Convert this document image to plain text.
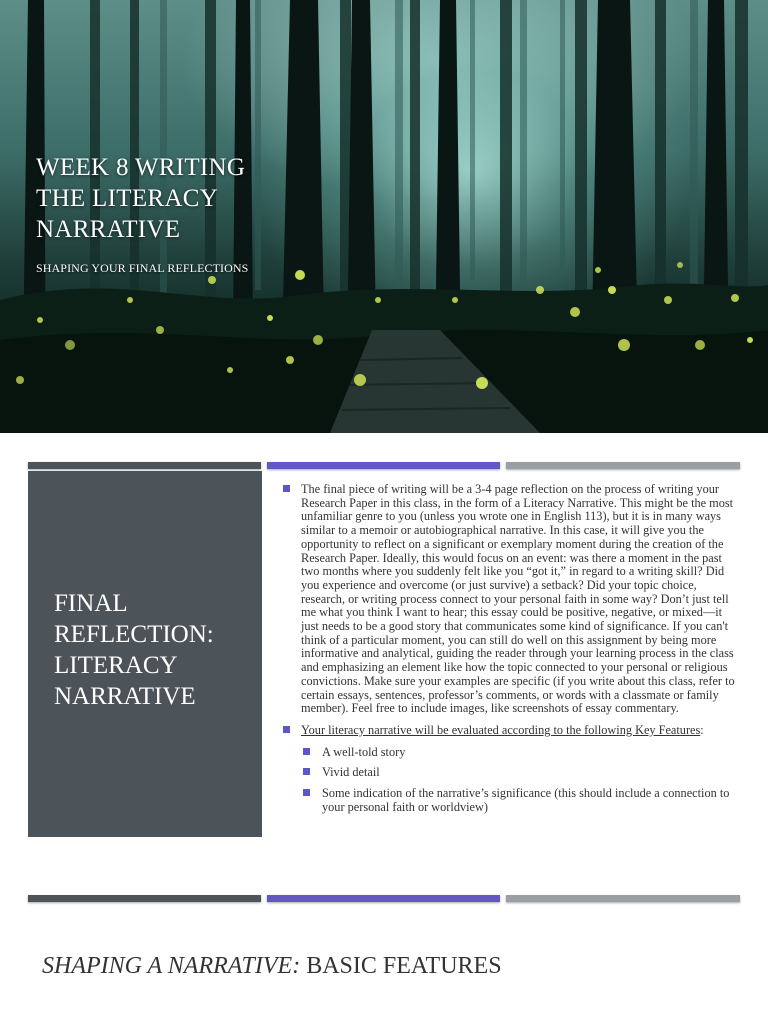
WEEK 8 WRITING
THE LITERACY
NARRATIVE
SHAPING YOUR FINAL REFLECTIONS
FINAL
REFLECTION:
LITERACY
NARRATIVE
The final piece of writing will be a 3-4 page reflection on the process of writing your Research Paper in this class, in the form of a Literacy Narrative. This might be the most unfamiliar genre to you (unless you wrote one in English 113), but it is in many ways similar to a memoir or autobiographical narrative. In this case, it will give you the opportunity to reflect on a significant or exemplary moment during the creation of the Research Paper. Ideally, this would focus on an event: was there a moment in the past two months where you suddenly felt like you “got it,” in regard to a writing skill? Did you experience and overcome (or just survive) a setback? Did your topic choice, research, or writing process connect to your personal faith in some way? Don’t just tell me what you think I want to hear; this essay could be positive, negative, or mixed—it just needs to be a good story that communicates some kind of significance. If you can't think of a particular moment, you can still do well on this assignment by being more informative and analytical, guiding the reader through your learning process in the class and emphasizing an element like how the topic connected to your personal or religious convictions. Make sure your examples are specific (if you write about this class, refer to certain essays, sentences, professor’s comments, or words with a classmate or family member). Feel free to include images, like screenshots of essay commentary.
Your literacy narrative will be evaluated according to the following Key Features:
A well-told story
Vivid detail
Some indication of the narrative’s significance (this should include a connection to your personal faith or worldview)
SHAPING A NARRATIVE: BASIC FEATURES
